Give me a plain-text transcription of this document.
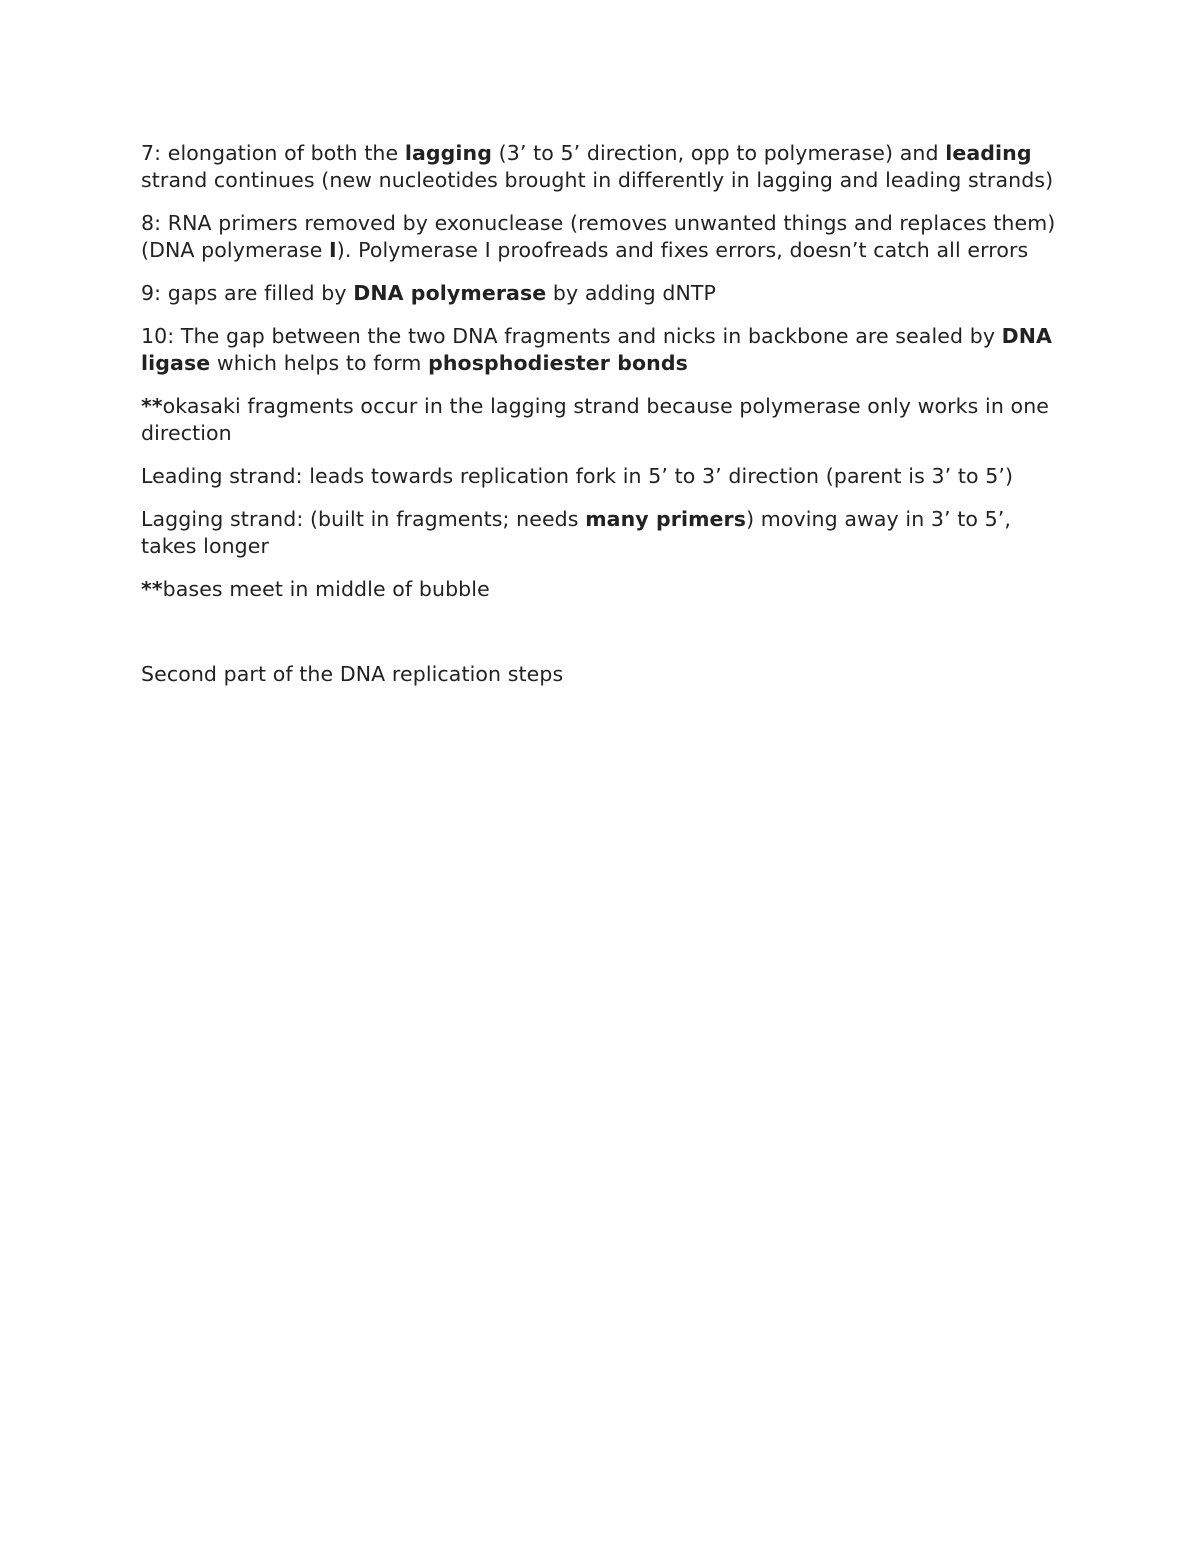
7: elongation of both the lagging (3’ to 5’ direction, opp to polymerase) and leading strand continues (new nucleotides brought in differently in lagging and leading strands)

8: RNA primers removed by exonuclease (removes unwanted things and replaces them) (DNA polymerase I). Polymerase I proofreads and fixes errors, doesn’t catch all errors

9: gaps are filled by DNA polymerase by adding dNTP

10: The gap between the two DNA fragments and nicks in backbone are sealed by DNA ligase which helps to form phosphodiester bonds

**okasaki fragments occur in the lagging strand because polymerase only works in one direction

Leading strand: leads towards replication fork in 5’ to 3’ direction (parent is 3’ to 5’)

Lagging strand: (built in fragments; needs many primers) moving away in 3’ to 5’, takes longer

**bases meet in middle of bubble

Second part of the DNA replication steps
